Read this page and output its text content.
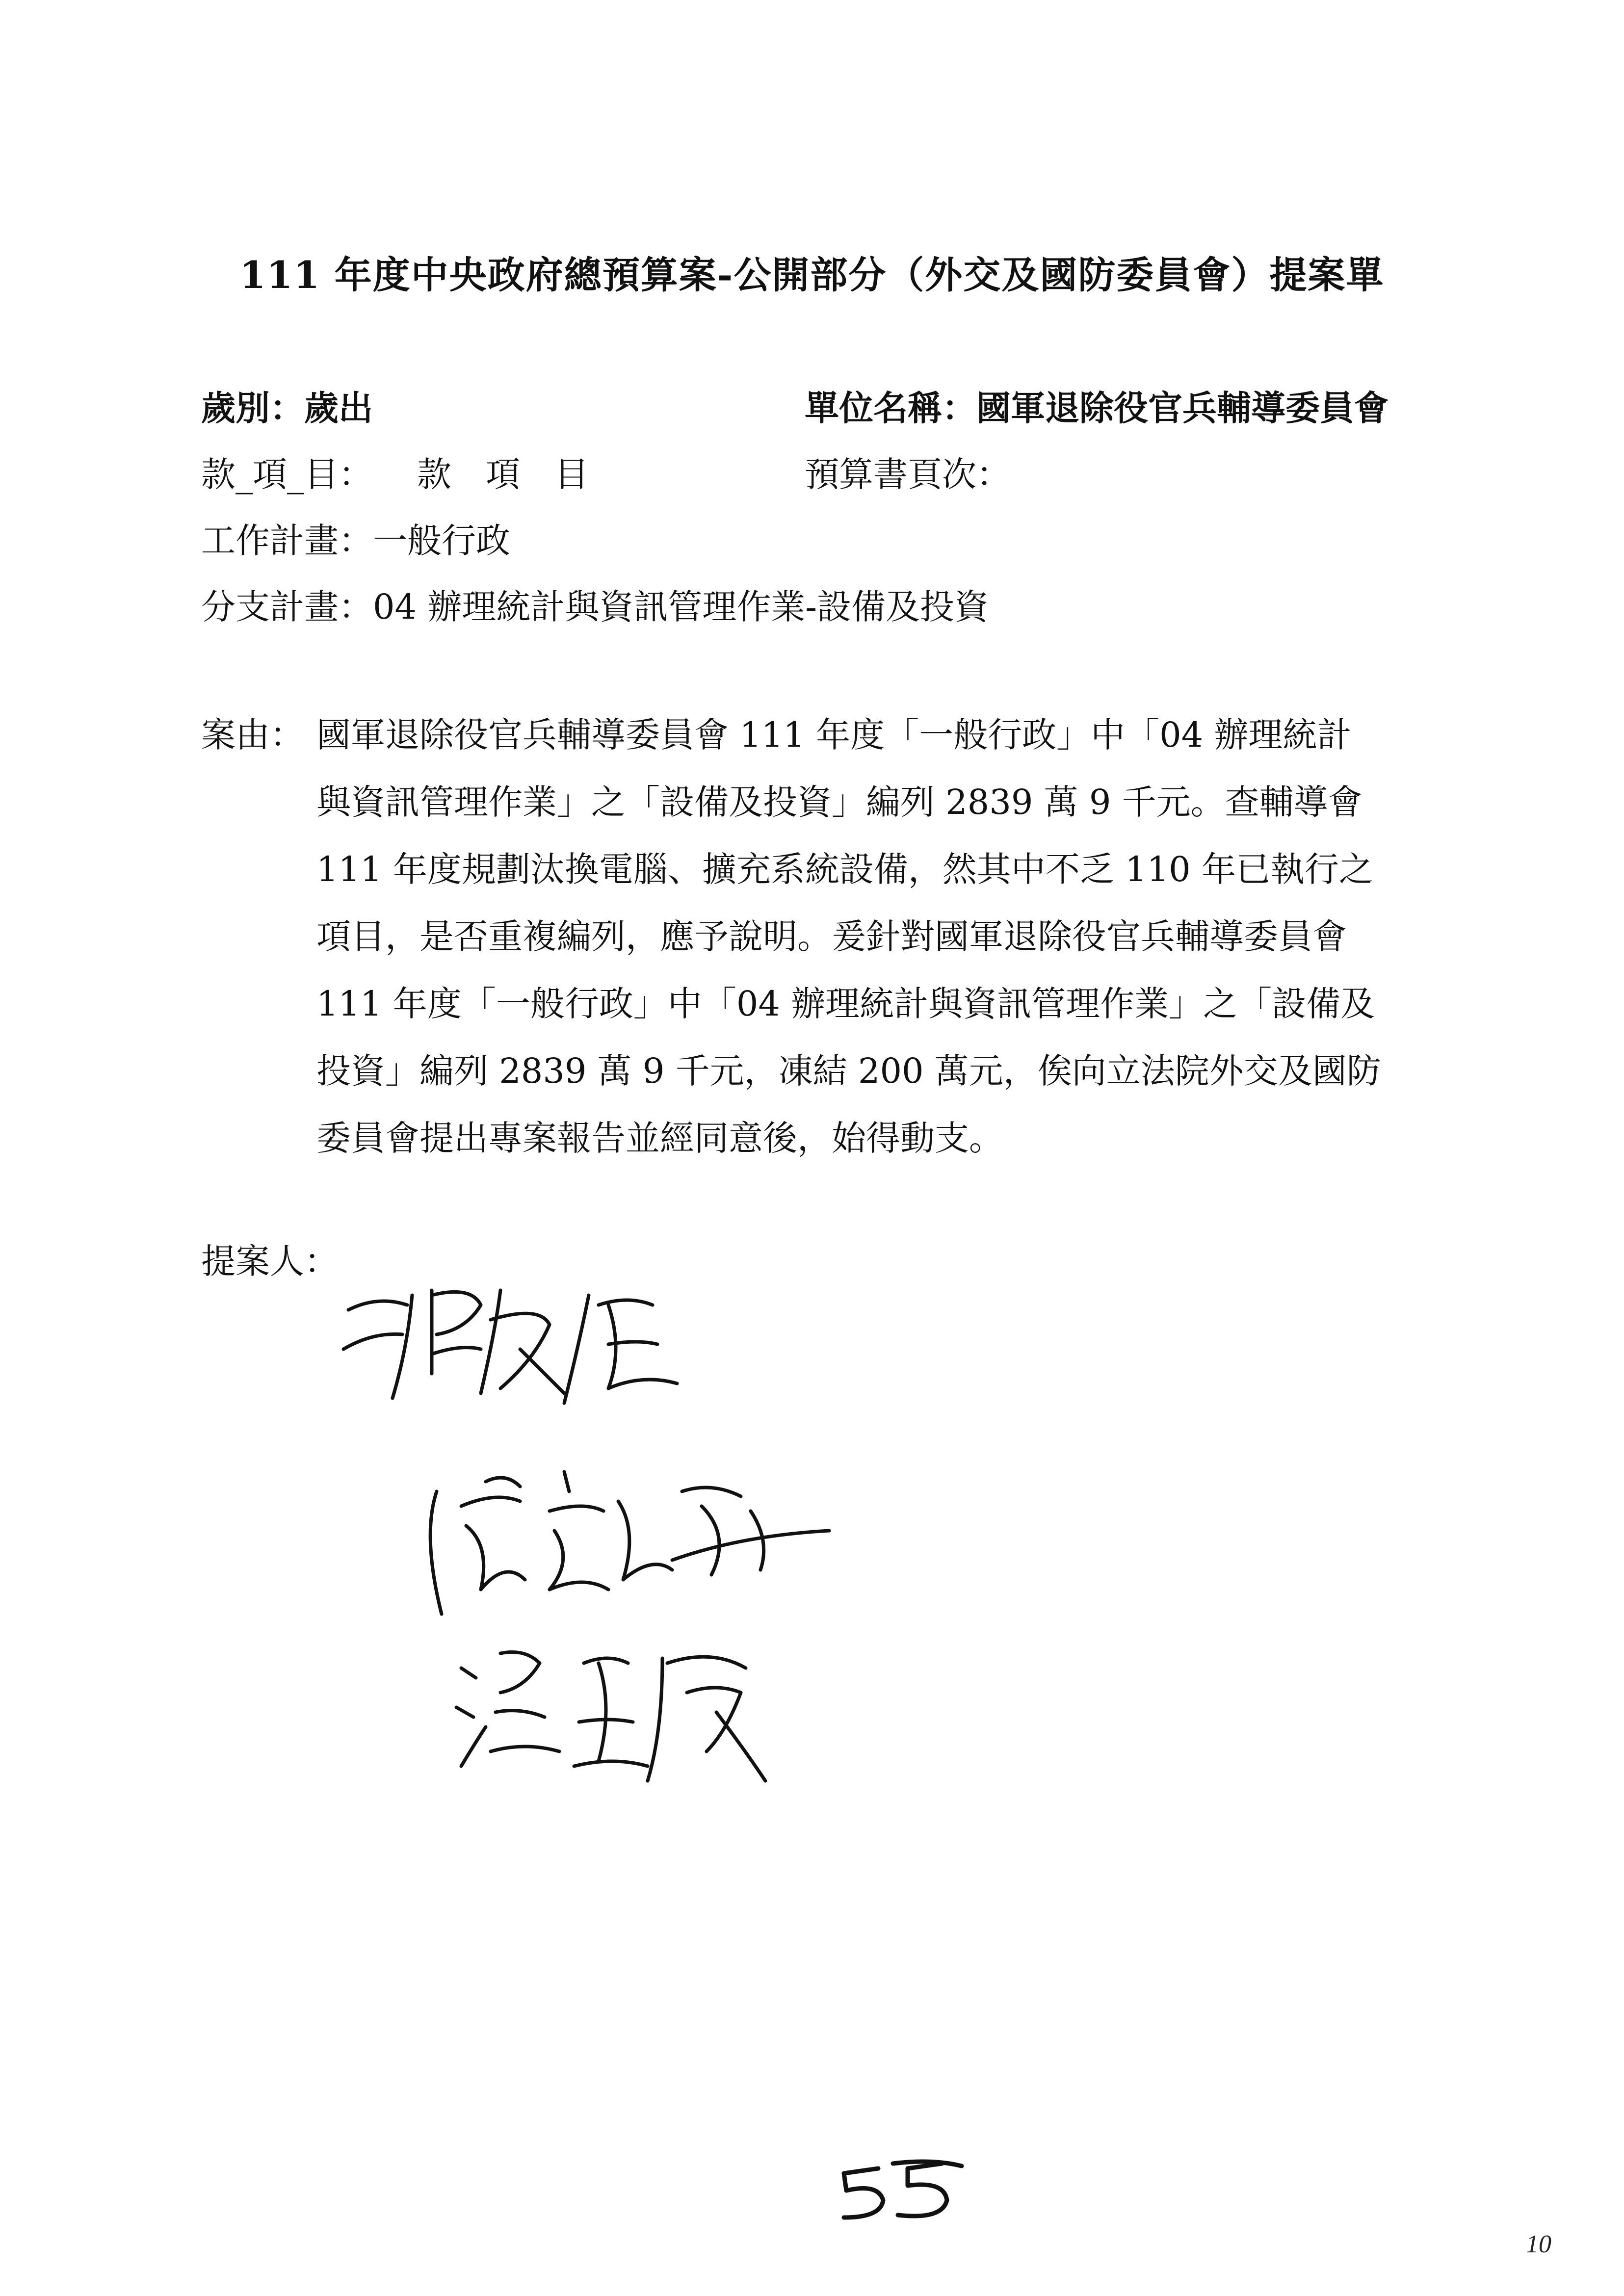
111 年度中央政府總預算案-公開部分（外交及國防委員會）提案單
歲別：歲出	單位名稱：國軍退除役官兵輔導委員會
款_項_目： 款　項　目	預算書頁次：
工作計畫：一般行政
分支計畫：04 辦理統計與資訊管理作業-設備及投資
案由： 國軍退除役官兵輔導委員會 111 年度「一般行政」中「04 辦理統計
與資訊管理作業」之「設備及投資」編列 2839 萬 9 千元。查輔導會
111 年度規劃汰換電腦、擴充系統設備，然其中不乏 110 年已執行之
項目，是否重複編列，應予說明。爰針對國軍退除役官兵輔導委員會
111 年度「一般行政」中「04 辦理統計與資訊管理作業」之「設備及
投資」編列 2839 萬 9 千元，凍結 200 萬元，俟向立法院外交及國防
委員會提出專案報告並經同意後，始得動支。
提案人：
10
